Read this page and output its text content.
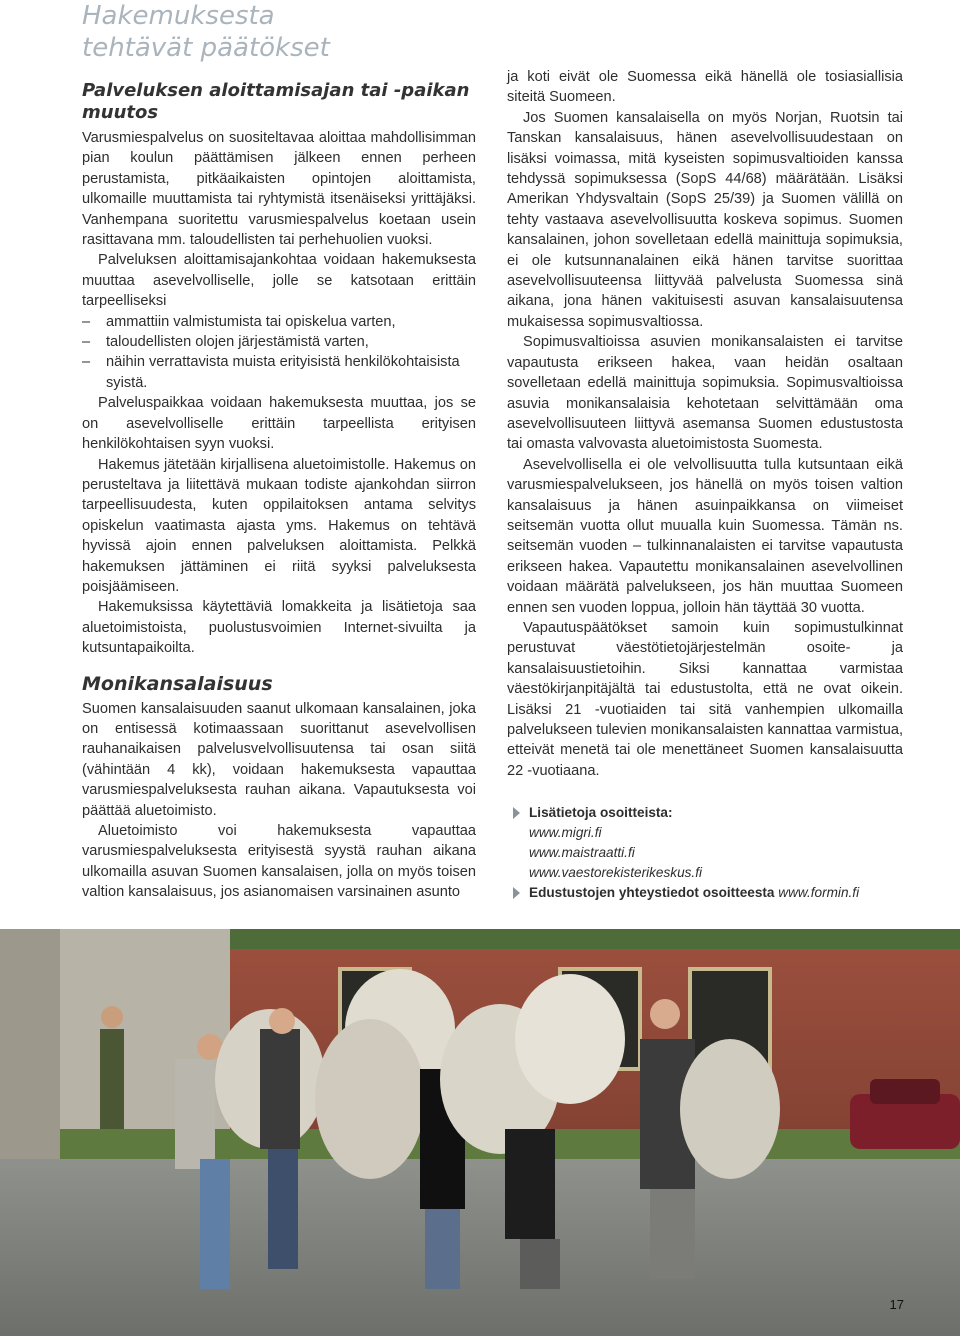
Hakemuksesta
tehtävät päätökset
Palveluksen aloittamisajan tai -paikan muutos

Varusmiespalvelus on suositeltavaa aloittaa mahdollisimman pian koulun päättämisen jälkeen ennen perheen perustamista, pitkäaikaisten opintojen aloittamista, ulkomaille muuttamista tai ryhtymistä itsenäiseksi yrittäjäksi. Vanhempana suoritettu varusmiespalvelus koetaan usein rasittavana mm. taloudellisten tai perhehuolien vuoksi.

Palveluksen aloittamisajankohtaa voidaan hakemuksesta muuttaa asevelvolliselle, jolle se katsotaan erittäin tarpeelliseksi

– ammattiin valmistumista tai opiskelua varten,
– taloudellisten olojen järjestämistä varten,
– näihin verrattavista muista erityisistä henkilökohtaisista syistä.

Palveluspaikkaa voidaan hakemuksesta muuttaa, jos se on asevelvolliselle erittäin tarpeellista erityisen henkilökohtaisen syyn vuoksi.

Hakemus jätetään kirjallisena aluetoimistolle. Hakemus on perusteltava ja liitettävä mukaan todiste ajankohdan siirron tarpeellisuudesta, kuten oppilaitoksen antama selvitys opiskelun vaatimasta ajasta yms. Hakemus on tehtävä hyvissä ajoin ennen palveluksen aloittamista. Pelkkä hakemuksen jättäminen ei riitä syyksi palveluksesta poisjäämiseen.

Hakemuksissa käytettäviä lomakkeita ja lisätietoja saa aluetoimistoista, puolustusvoimien Internet-sivuilta ja kutsuntapaikoilta.

Monikansalaisuus

Suomen kansalaisuuden saanut ulkomaan kansalainen, joka on entisessä kotimaassaan suorittanut asevelvollisen rauhanaikaisen palvelusvelvollisuutensa tai osan siitä (vähintään 4 kk), voidaan hakemuksesta vapauttaa varusmiespalveluksesta rauhan aikana. Vapautuksesta voi päättää aluetoimisto.

Aluetoimisto voi hakemuksesta vapauttaa varusmiespalveluksesta erityisestä syystä rauhan aikana ulkomailla asuvan Suomen kansalaisen, jolla on myös toisen valtion kansalaisuus, jos asianomaisen varsinainen asunto

ja koti eivät ole Suomessa eikä hänellä ole tosiasiallisia siteitä Suomeen.

Jos Suomen kansalaisella on myös Norjan, Ruotsin tai Tanskan kansalaisuus, hänen asevelvollisuudestaan on lisäksi voimassa, mitä kyseisten sopimusvaltioiden kanssa tehdyssä sopimuksessa (SopS 44/68) määrätään. Lisäksi Amerikan Yhdysvaltain (SopS 25/39) ja Suomen välillä on tehty vastaava asevelvollisuutta koskeva sopimus. Suomen kansalainen, johon sovelletaan edellä mainittuja sopimuksia, ei ole kutsunnanalainen eikä hänen tarvitse suorittaa asevelvollisuuteensa liittyvää palvelusta Suomessa sinä aikana, jona hänen vakituisesti asuvan kansalaisuutensa mukaisessa sopimusvaltiossa.

Sopimusvaltioissa asuvien monikansalaisten ei tarvitse vapautusta erikseen hakea, vaan heidän osaltaan sovelletaan edellä mainittuja sopimuksia. Sopimusvaltioissa asuvia monikansalaisia kehotetaan selvittämään oma asevelvollisuuteen liittyvä asemansa Suomen edustustosta tai omasta valvovasta aluetoimistosta Suomesta.

Asevelvollisella ei ole velvollisuutta tulla kutsuntaan eikä varusmiespalvelukseen, jos hänellä on myös toisen valtion kansalaisuus ja hänen asuinpaikkansa on viimeiset seitsemän vuotta ollut muualla kuin Suomessa. Tämän ns. seitsemän vuoden – tulkinnanalaisten ei tarvitse vapautusta erikseen hakea. Vapautettu monikansalainen asevelvollinen voidaan määrätä palvelukseen, jos hän muuttaa Suomeen ennen sen vuoden loppua, jolloin hän täyttää 30 vuotta.

Vapautuspäätökset samoin kuin sopimustulkinnat perustuvat väestötietojärjestelmän osoite- ja kansalaisuustietoihin. Siksi kannattaa varmistaa väestökirjanpitäjältä tai edustustolta, että ne ovat oikein. Lisäksi 21 -vuotiaiden tai sitä vanhempien ulkomailla palvelukseen tulevien monikansalaisten kannattaa varmistua, etteivät menetä tai ole menettäneet Suomen kansalaisuutta 22 -vuotiaana.

Lisätietoja osoitteista:
www.migri.fi
www.maistraatti.fi
www.vaestorekisterikeskus.fi
Edustustojen yhteystiedot osoitteesta www.formin.fi
17
